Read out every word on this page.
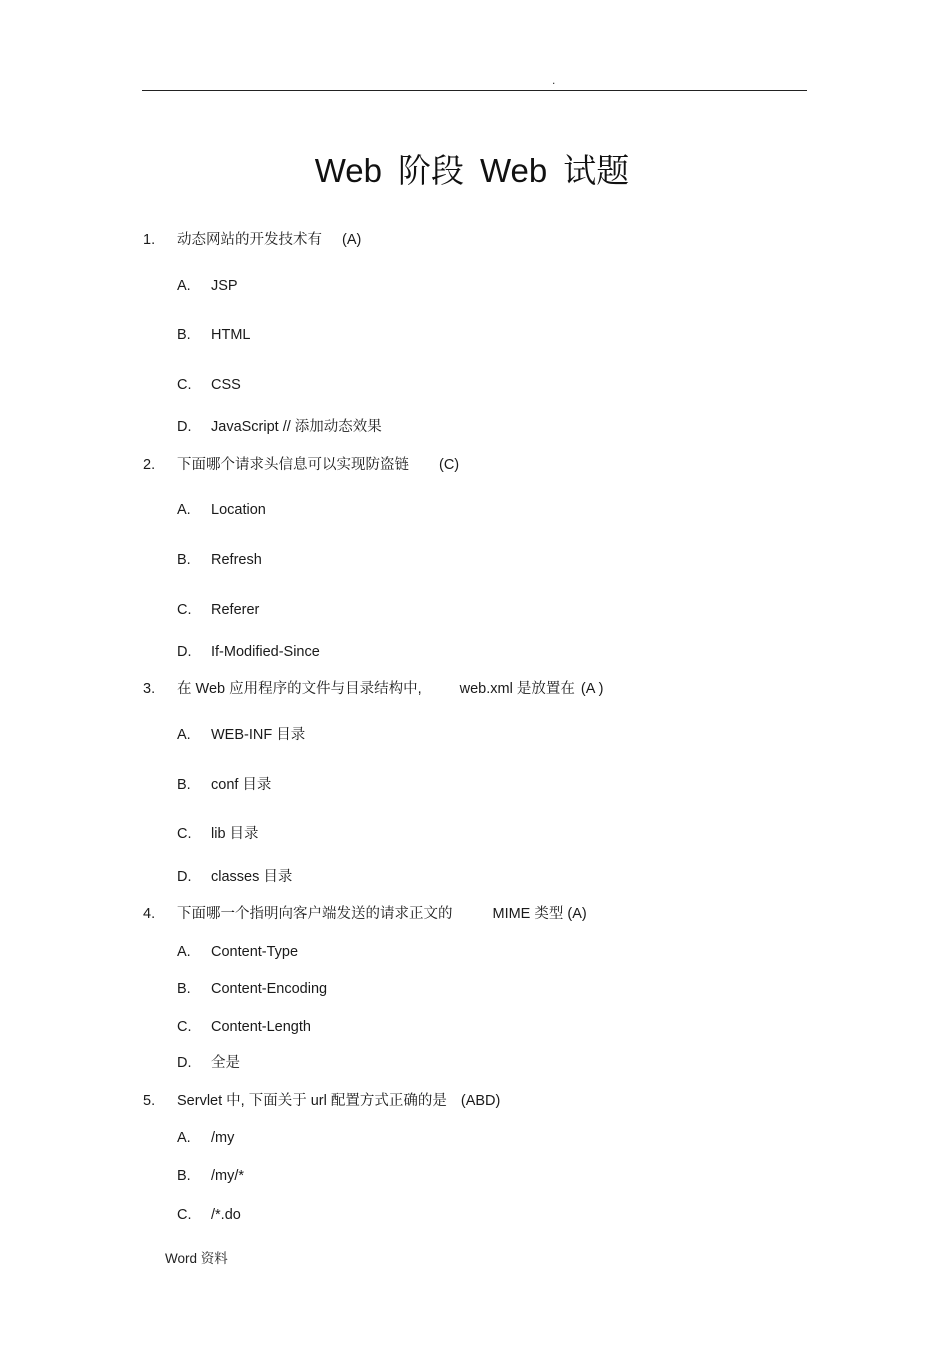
.
Web 阶段 Web 试题
1. 动态网站的开发技术有 (A)
A. JSP
B. HTML
C. CSS
D. JavaScript // 添加动态效果
2. 下面哪个请求头信息可以实现防盗链 (C)
A. Location
B. Refresh
C. Referer
D. If-Modified-Since
3. 在 Web 应用程序的文件与目录结构中,	web.xml 是放置在 (A )
A. WEB-INF 目录
B. conf 目录
C. lib 目录
D. classes 目录
4. 下面哪一个指明向客户端发送的请求正文的	MIME 类型 (A)
A. Content-Type
B. Content-Encoding
C. Content-Length
D. 全是
5. Servlet 中, 下面关于 url 配置方式正确的是 (ABD)
A. /my
B. /my/*
C. /*.do
Word 资料
